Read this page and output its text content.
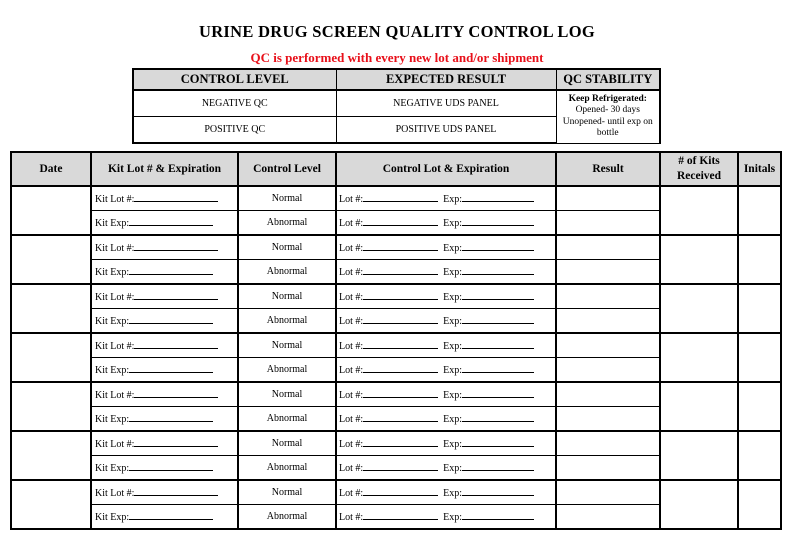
URINE DRUG SCREEN QUALITY CONTROL LOG
QC is performed with every new lot and/or shipment
CONTROL LEVEL	EXPECTED RESULT	QC STABILITY
NEGATIVE QC	NEGATIVE UDS PANEL	Keep Refrigerated:
Opened- 30 days
Unopened- until exp on bottle
POSITIVE QC	POSITIVE UDS PANEL	
Date	Kit Lot # & Expiration	Control Level	Control Lot & Expiration	Result	# of Kits Received	Initals
	Kit Lot #:	Normal	Lot #: Exp:			
	Kit Exp:	Abnormal	Lot #: Exp:			
	Kit Lot #:	Normal	Lot #: Exp:			
	Kit Exp:	Abnormal	Lot #: Exp:			
	Kit Lot #:	Normal	Lot #: Exp:			
	Kit Exp:	Abnormal	Lot #: Exp:			
	Kit Lot #:	Normal	Lot #: Exp:			
	Kit Exp:	Abnormal	Lot #: Exp:			
	Kit Lot #:	Normal	Lot #: Exp:			
	Kit Exp:	Abnormal	Lot #: Exp:			
	Kit Lot #:	Normal	Lot #: Exp:			
	Kit Exp:	Abnormal	Lot #: Exp:			
	Kit Lot #:	Normal	Lot #: Exp:			
	Kit Exp:	Abnormal	Lot #: Exp:			
